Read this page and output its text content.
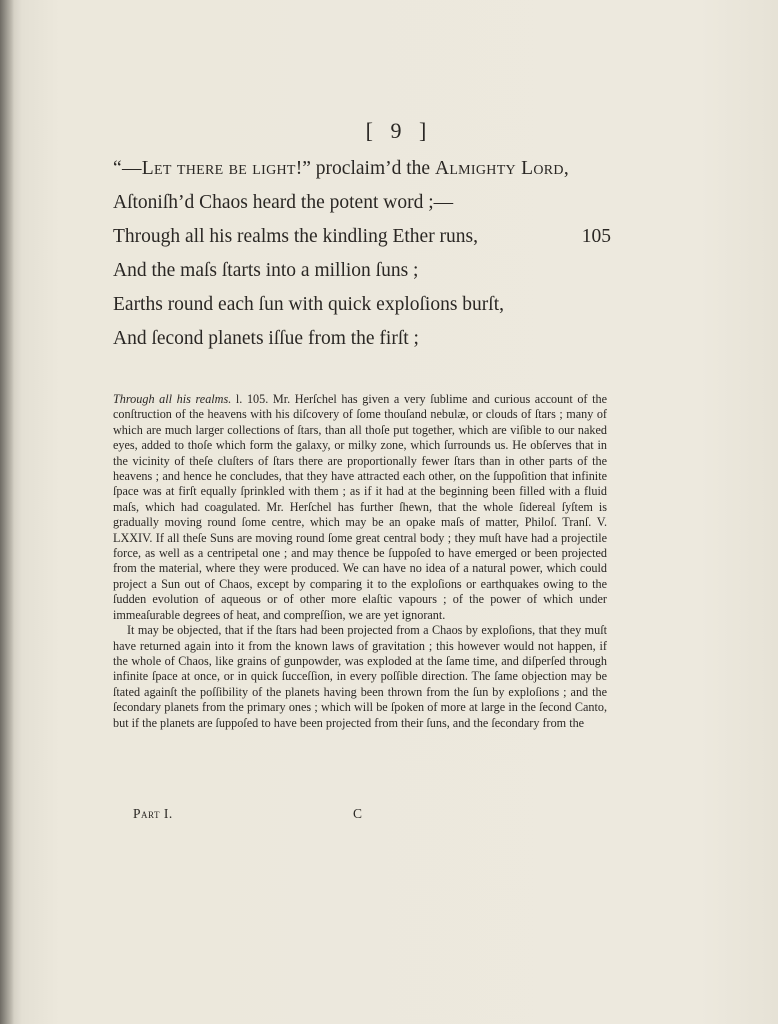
[ 9 ]
“—Let there be light!” proclaim’d the Almighty Lord,
Aſtoniſh’d Chaos heard the potent word ;—
Through all his realms the kindling Ether runs,	105
And the maſs ſtarts into a million ſuns ;
Earths round each ſun with quick exploſions burſt,
And ſecond planets iſſue from the firſt ;

Through all his realms. l. 105. Mr. Herſchel has given a very ſublime and curious account of the conſtruction of the heavens with his diſcovery of ſome thouſand nebulæ, or clouds of ſtars ; many of which are much larger collections of ſtars, than all thoſe put together, which are viſible to our naked eyes, added to thoſe which form the galaxy, or milky zone, which ſurrounds us. He obſerves that in the vicinity of theſe cluſters of ſtars there are proportionally fewer ſtars than in other parts of the heavens ; and hence he concludes, that they have attracted each other, on the ſuppoſition that infinite ſpace was at firſt equally ſprinkled with them ; as if it had at the beginning been filled with a fluid maſs, which had coagulated. Mr. Herſchel has further ſhewn, that the whole ſidereal ſyſtem is gradually moving round ſome centre, which may be an opake maſs of matter, Philoſ. Tranſ. V. LXXIV. If all theſe Suns are moving round ſome great central body ; they muſt have had a projectile force, as well as a centripetal one ; and may thence be ſuppoſed to have emerged or been projected from the material, where they were produced. We can have no idea of a natural power, which could project a Sun out of Chaos, except by comparing it to the exploſions or earthquakes owing to the ſudden evolution of aqueous or of other more elaſtic vapours ; of the power of which under immeaſurable degrees of heat, and compreſſion, we are yet ignorant.

It may be objected, that if the ſtars had been projected from a Chaos by exploſions, that they muſt have returned again into it from the known laws of gravitation ; this however would not happen, if the whole of Chaos, like grains of gunpowder, was exploded at the ſame time, and diſperſed through infinite ſpace at once, or in quick ſucceſſion, in every poſſible direction. The ſame objection may be ſtated againſt the poſſibility of the planets having been thrown from the ſun by exploſions ; and the ſecondary planets from the primary ones ; which will be ſpoken of more at large in the ſecond Canto, but if the planets are ſuppoſed to have been projected from their ſuns, and the ſecondary from the

Part I.	C
